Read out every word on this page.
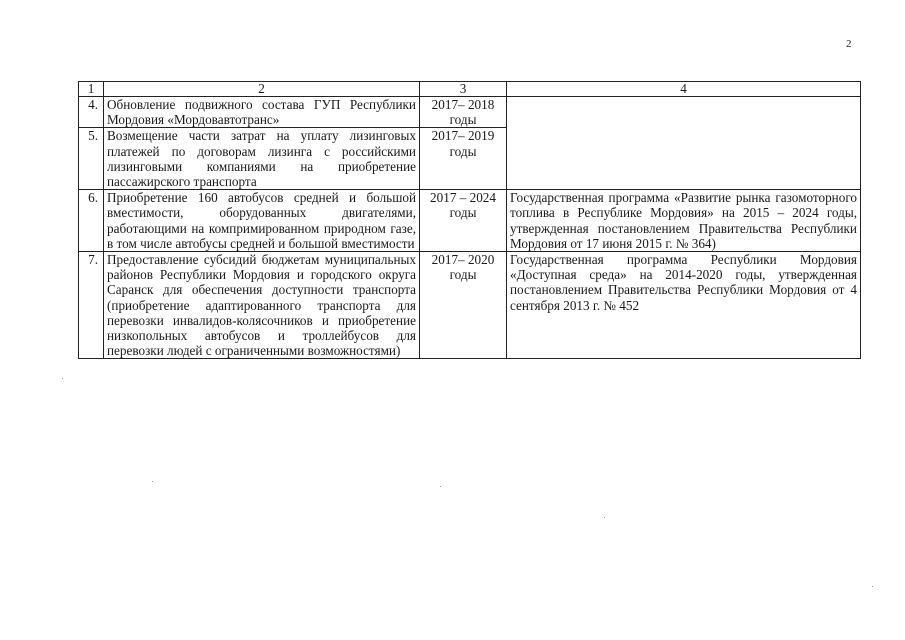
2
1	2	3	4
4.	Обновление подвижного состава ГУП Республики Мордовия «Мордовавтотранс»	2017– 2018 годы	
5.	Возмещение части затрат на уплату лизинговых платежей по договорам лизинга с российскими лизинговыми компаниями на приобретение пассажирского транспорта	2017– 2019 годы	
6.	Приобретение 160 автобусов средней и большой вместимости, оборудованных двигателями, работающими на компримированном природном газе, в том числе автобусы средней и большой вместимости	2017 – 2024 годы	Государственная программа «Развитие рынка газомоторного топлива в Республике Мордовия» на 2015 – 2024 годы, утвержденная постановлением Правительства Республики Мордовия от 17 июня 2015 г. № 364)
7.	Предоставление субсидий бюджетам муниципальных районов Республики Мордовия и городского округа Саранск для обеспечения доступности транспорта (приобретение адаптированного транспорта для перевозки инвалидов-колясочников и приобретение низкопольных автобусов и троллейбусов для перевозки людей с ограниченными возможностями)	2017– 2020 годы	Государственная программа Республики Мордовия «Доступная среда» на 2014-2020 годы, утвержденная постановлением Правительства Республики Мордовия от 4 сентября 2013 г. № 452
